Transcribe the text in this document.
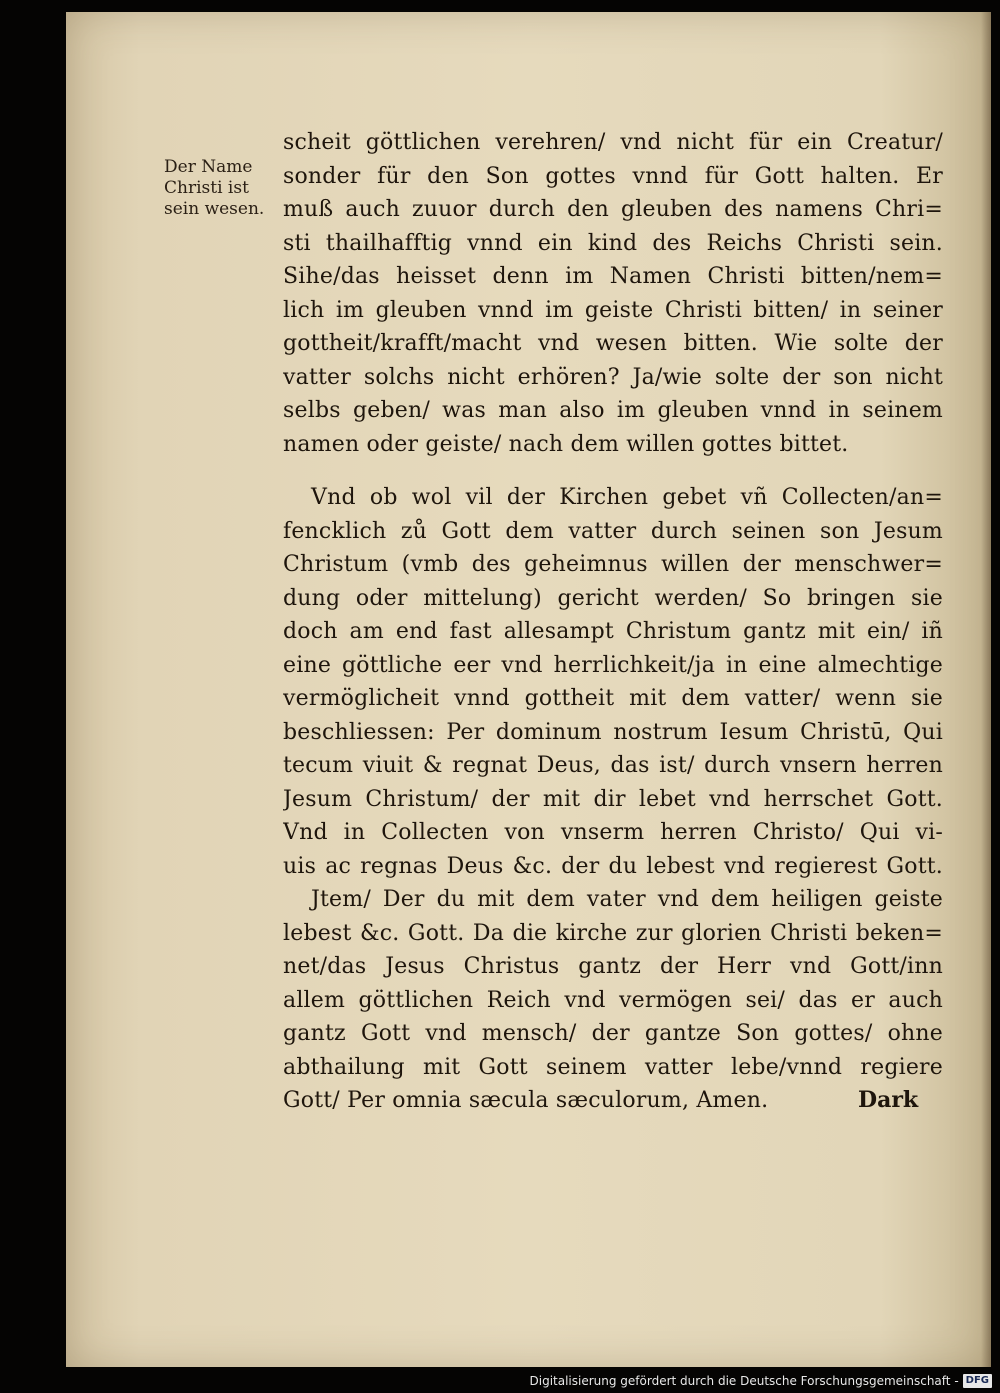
Der Name
Christi ist
sein wesen.
scheit göttlichen verehren/ vnd nicht für ein Creatur/
sonder für den Son gottes vnnd für Gott halten. Er
muß auch zuuor durch den gleuben des namens Chri=
sti thailhafftig vnnd ein kind des Reichs Christi sein.
Sihe/das heisset denn im Namen Christi bitten/nem=
lich im gleuben vnnd im geiste Christi bitten/ in seiner
gottheit/krafft/macht vnd wesen bitten. Wie solte der
vatter solchs nicht erhören? Ja/wie solte der son nicht
selbs geben/ was man also im gleuben vnnd in seinem
namen oder geiste/ nach dem willen gottes bittet.
Vnd ob wol vil der Kirchen gebet vñ Collecten/an=
fencklich zů Gott dem vatter durch seinen son Jesum
Christum (vmb des geheimnus willen der menschwer=
dung oder mittelung) gericht werden/ So bringen sie
doch am end fast allesampt Christum gantz mit ein/ iñ
eine göttliche eer vnd herrlichkeit/ja in eine almechtige
vermöglicheit vnnd gottheit mit dem vatter/ wenn sie
beschliessen: Per dominum nostrum Iesum Christū, Qui
tecum viuit & regnat Deus, das ist/ durch vnsern herren
Jesum Christum/ der mit dir lebet vnd herrschet Gott.
Vnd in Collecten von vnserm herren Christo/ Qui vi-
uis ac regnas Deus &c. der du lebest vnd regierest Gott.
Jtem/ Der du mit dem vater vnd dem heiligen geiste
lebest &c. Gott. Da die kirche zur glorien Christi beken=
net/das Jesus Christus gantz der Herr vnd Gott/inn
allem göttlichen Reich vnd vermögen sei/ das er auch
gantz Gott vnd mensch/ der gantze Son gottes/ ohne
abthailung mit Gott seinem vatter lebe/vnnd regiere
Gott/ Per omnia sæcula sæculorum, Amen.	Dark
Digitalisierung gefördert durch die Deutsche Forschungsgemeinschaft - DFG
